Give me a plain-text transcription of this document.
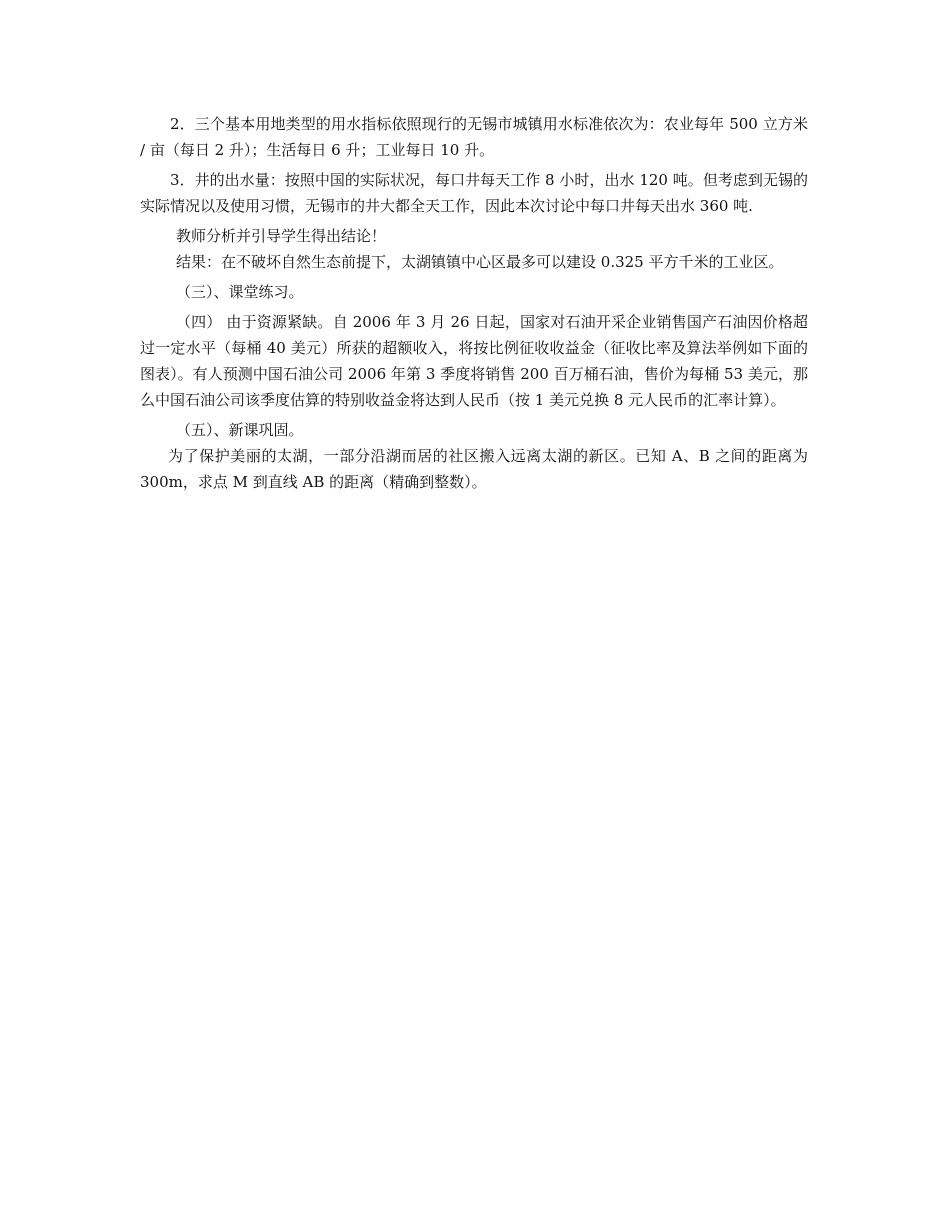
2．三个基本用地类型的用水指标依照现行的无锡市城镇用水标准依次为：农业每年 500 立方米 / 亩（每日 2 升）；生活每日 6 升；工业每日 10 升。

3．井的出水量：按照中国的实际状况，每口井每天工作 8 小时，出水 120 吨。但考虑到无锡的实际情况以及使用习惯，无锡市的井大都全天工作，因此本次讨论中每口井每天出水 360 吨.

教师分析并引导学生得出结论！

结果：在不破坏自然生态前提下，太湖镇镇中心区最多可以建设 0.325 平方千米的工业区。

（三）、课堂练习。

（四） 由于资源紧缺。自 2006 年 3 月 26 日起，国家对石油开采企业销售国产石油因价格超过一定水平（每桶 40 美元）所获的超额收入，将按比例征收收益金（征收比率及算法举例如下面的图表）。有人预测中国石油公司 2006 年第 3 季度将销售 200 百万桶石油，售价为每桶 53 美元，那么中国石油公司该季度估算的特别收益金将达到人民币（按 1 美元兑换 8 元人民币的汇率计算）。

（五）、新课巩固。

为了保护美丽的太湖，一部分沿湖而居的社区搬入远离太湖的新区。已知 A、B 之间的距离为 300m，求点 M 到直线 AB 的距离（精确到整数）。
